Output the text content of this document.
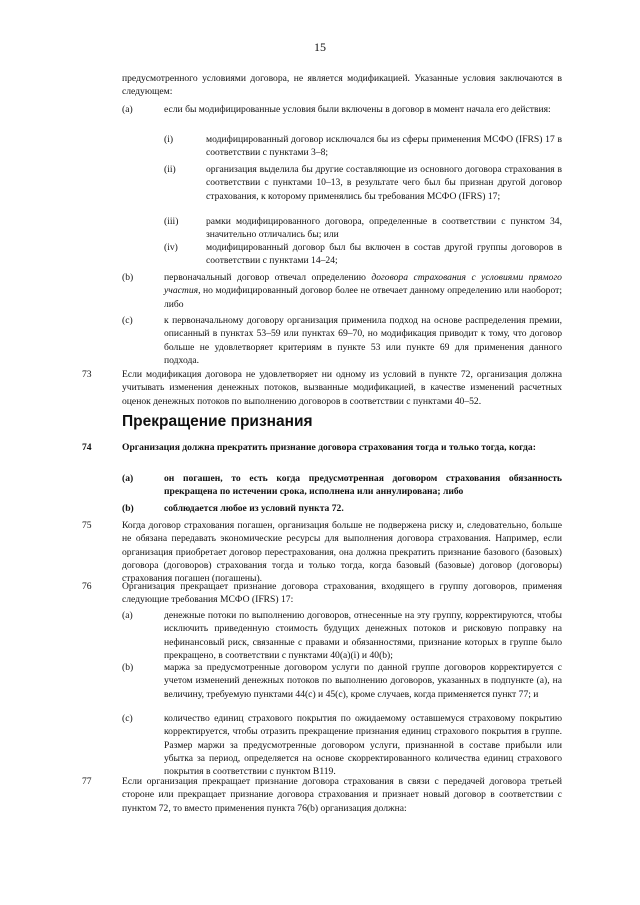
15
предусмотренного условиями договора, не является модификацией. Указанные условия заключаются в следующем:
(a)	если бы модифицированные условия были включены в договор в момент начала его действия:
(i)	модифицированный договор исключался бы из сферы применения МСФО (IFRS) 17 в соответствии с пунктами 3–8;
(ii)	организация выделила бы другие составляющие из основного договора страхования в соответствии с пунктами 10–13, в результате чего был бы признан другой договор страхования, к которому применялись бы требования МСФО (IFRS) 17;
(iii)	рамки модифицированного договора, определенные в соответствии с пунктом 34, значительно отличались бы; или
(iv)	модифицированный договор был бы включен в состав другой группы договоров в соответствии с пунктами 14–24;
(b)	первоначальный договор отвечал определению договора страхования с условиями прямого участия, но модифицированный договор более не отвечает данному определению или наоборот; либо
(c)	к первоначальному договору организация применила подход на основе распределения премии, описанный в пунктах 53–59 или пунктах 69–70, но модификация приводит к тому, что договор больше не удовлетворяет критериям в пункте 53 или пункте 69 для применения данного подхода.
73	Если модификация договора не удовлетворяет ни одному из условий в пункте 72, организация должна учитывать изменения денежных потоков, вызванные модификацией, в качестве изменений расчетных оценок денежных потоков по выполнению договоров в соответствии с пунктами 40–52.
Прекращение признания
74	Организация должна прекратить признание договора страхования тогда и только тогда, когда:
(a)	он погашен, то есть когда предусмотренная договором страхования обязанность прекращена по истечении срока, исполнена или аннулирована; либо
(b)	соблюдается любое из условий пункта 72.
75	Когда договор страхования погашен, организация больше не подвержена риску и, следовательно, больше не обязана передавать экономические ресурсы для выполнения договора страхования. Например, если организация приобретает договор перестрахования, она должна прекратить признание базового (базовых) договора (договоров) страхования тогда и только тогда, когда базовый (базовые) договор (договоры) страхования погашен (погашены).
76	Организация прекращает признание договора страхования, входящего в группу договоров, применяя следующие требования МСФО (IFRS) 17:
(a)	денежные потоки по выполнению договоров, отнесенные на эту группу, корректируются, чтобы исключить приведенную стоимость будущих денежных потоков и рисковую поправку на нефинансовый риск, связанные с правами и обязанностями, признание которых в группе было прекращено, в соответствии с пунктами 40(a)(i) и 40(b);
(b)	маржа за предусмотренные договором услуги по данной группе договоров корректируется с учетом изменений денежных потоков по выполнению договоров, указанных в подпункте (a), на величину, требуемую пунктами 44(c) и 45(c), кроме случаев, когда применяется пункт 77; и
(c)	количество единиц страхового покрытия по ожидаемому оставшемуся страховому покрытию корректируется, чтобы отразить прекращение признания единиц страхового покрытия в группе. Размер маржи за предусмотренные договором услуги, признанной в составе прибыли или убытка за период, определяется на основе скорректированного количества единиц страхового покрытия в соответствии с пунктом B119.
77	Если организация прекращает признание договора страхования в связи с передачей договора третьей стороне или прекращает признание договора страхования и признает новый договор в соответствии с пунктом 72, то вместо применения пункта 76(b) организация должна:
